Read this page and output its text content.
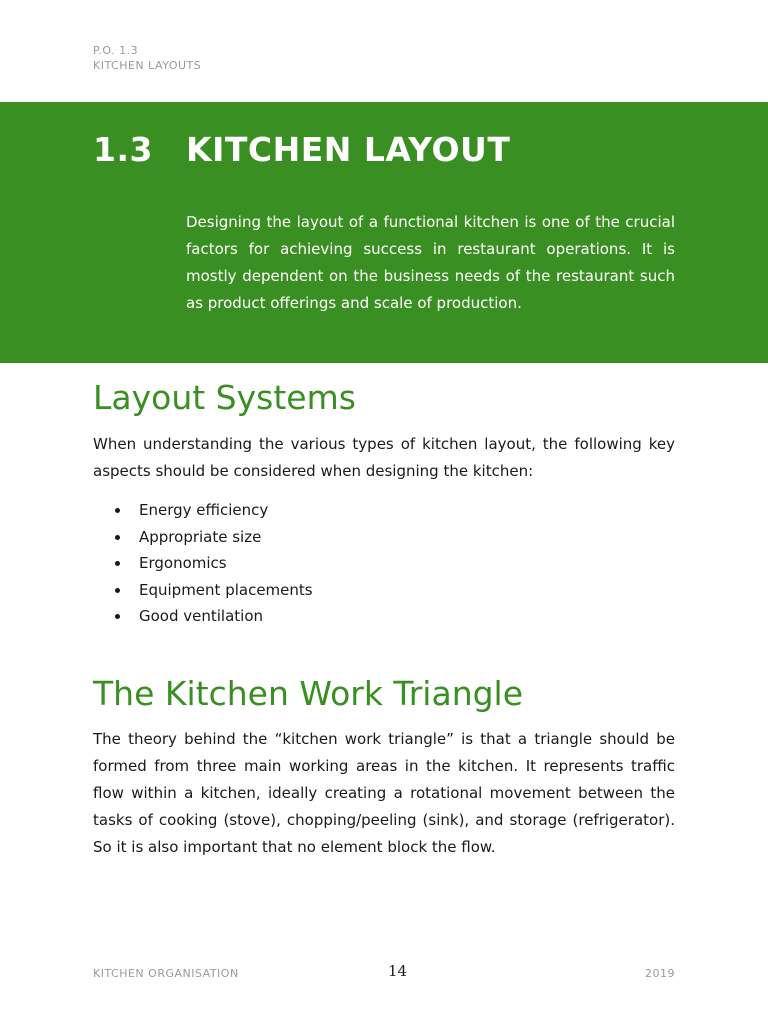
P.O. 1.3
KITCHEN LAYOUTS
1.3 KITCHEN LAYOUT
Designing the layout of a functional kitchen is one of the crucial factors for achieving success in restaurant operations. It is mostly dependent on the business needs of the restaurant such as product offerings and scale of production.
Layout Systems

When understanding the various types of kitchen layout, the following key aspects should be considered when designing the kitchen:

Energy efficiency
Appropriate size
Ergonomics
Equipment placements
Good ventilation
The Kitchen Work Triangle

The theory behind the “kitchen work triangle” is that a triangle should be formed from three main working areas in the kitchen. It represents traffic flow within a kitchen, ideally creating a rotational movement between the tasks of cooking (stove), chopping/peeling (sink), and storage (refrigerator). So it is also important that no element block the flow.

KITCHEN ORGANISATION	14	2019
